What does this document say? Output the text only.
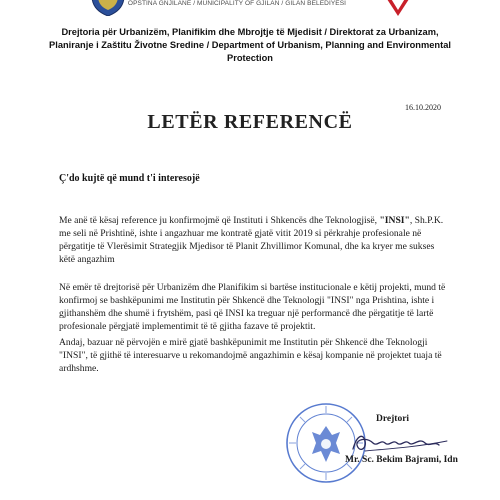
OPŠTINA GNJILANE / MUNICIPALITY OF GJILAN / GILAN BELEDIYESI
Drejtoria për Urbanizëm, Planifikim dhe Mbrojtje të Mjedisit / Direktorat za Urbanizam, Planiranje i Zaštitu Životne Sredine / Department of Urbanism, Planning and Environmental Protection
16.10.2020
LETËR REFERENCË
Ç'do kujtë që mund t'i interesojë
Me anë të kësaj reference ju konfirmojmë që Instituti i Shkencës dhe Teknologjisë, "INSI", Sh.P.K. me seli në Prishtinë, ishte i angazhuar me kontratë gjatë vitit 2019 si përkrahje profesionale në përgatitje të Vlerësimit Strategjik Mjedisor të Planit Zhvillimor Komunal, dhe ka kryer me sukses këtë angazhim
Në emër të drejtorisë për Urbanizëm dhe Planifikim si bartëse institucionale e këtij projekti, mund të konfirmoj se bashkëpunimi me Institutin për Shkencë dhe Teknologji "INSI" nga Prishtina, ishte i gjithanshëm dhe shumë i frytshëm, pasi që INSI ka treguar një performancë dhe përgatitje të lartë profesionale përgjatë implementimit të të gjitha fazave të projektit.
Andaj, bazuar në përvojën e mirë gjatë bashkëpunimit me Institutin për Shkencë dhe Teknologji "INSI", të gjithë të interesuarve u rekomandojmë angazhimin e kësaj kompanie në projektet tuaja të ardhshme.
Drejtori
Mr. Sc. Bekim Bajrami, Idn
